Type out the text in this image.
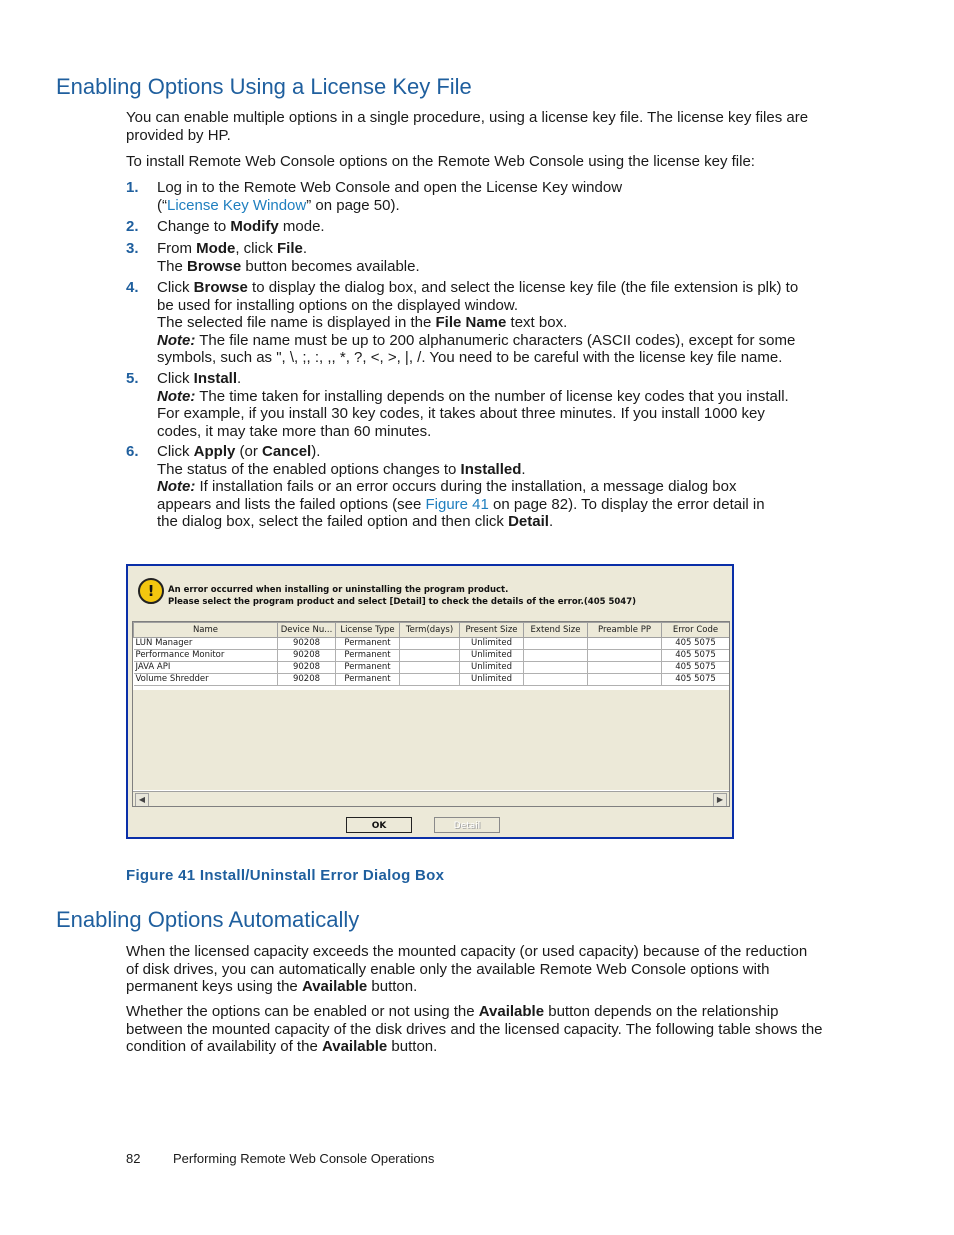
Enabling Options Using a License Key File

You can enable multiple options in a single procedure, using a license key file. The license key files are
provided by HP.

To install Remote Web Console options on the Remote Web Console using the license key file:

1.	Log in to the Remote Web Console and open the License Key window
(“License Key Window” on page 50).
2.	Change to Modify mode.
3.	From Mode, click File.
The Browse button becomes available.
4.	Click Browse to display the dialog box, and select the license key file (the file extension is plk) to
be used for installing options on the displayed window.
The selected file name is displayed in the File Name text box.
Note: The file name must be up to 200 alphanumeric characters (ASCII codes), except for some
symbols, such as ", \, ;, :, ,, *, ?, <, >, |, /. You need to be careful with the license key file name.
5.	Click Install.
Note: The time taken for installing depends on the number of license key codes that you install.
For example, if you install 30 key codes, it takes about three minutes. If you install 1000 key
codes, it may take more than 60 minutes.
6.	Click Apply (or Cancel).
The status of the enabled options changes to Installed.
Note: If installation fails or an error occurs during the installation, a message dialog box
appears and lists the failed options (see Figure 41 on page 82). To display the error detail in
the dialog box, select the failed option and then click Detail.
!	An error occurred when installing or uninstalling the program product.
Please select the program product and select [Detail] to check the details of the error.(405 5047)
Name	Device Nu...	License Type	Term(days)	Present Size	Extend Size	Preamble PP	Error Code
LUN Manager	90208	Permanent		Unlimited			405 5075
Performance Monitor	90208	Permanent		Unlimited			405 5075
JAVA API	90208	Permanent		Unlimited			405 5075
Volume Shredder	90208	Permanent		Unlimited			405 5075
◀	▶
OK	Detail

Figure 41 Install/Uninstall Error Dialog Box

Enabling Options Automatically

When the licensed capacity exceeds the mounted capacity (or used capacity) because of the reduction
of disk drives, you can automatically enable only the available Remote Web Console options with
permanent keys using the Available button.

Whether the options can be enabled or not using the Available button depends on the relationship
between the mounted capacity of the disk drives and the licensed capacity. The following table shows the
condition of availability of the Available button.

82	Performing Remote Web Console Operations
